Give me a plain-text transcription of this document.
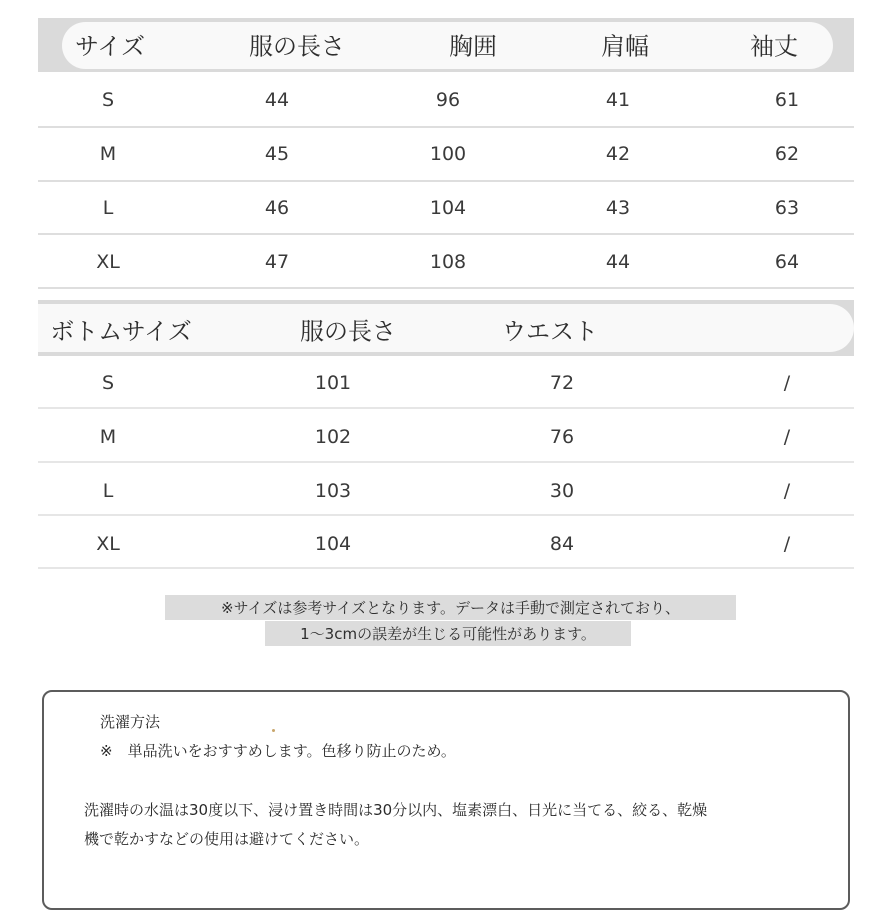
サイズ	服の長さ	胸囲	肩幅	袖丈
S	44	96	41	61
M	45	100	42	62
L	46	104	43	63
XL	47	108	44	64
ボトムサイズ	服の長さ	ウエスト
S	101	72	/
M	102	76	/
L	103	30	/
XL	104	84	/
※サイズは参考サイズとなります。データは手動で測定されており、
1〜3cmの誤差が生じる可能性があります。
洗濯方法
※　単品洗いをおすすめします。色移り防止のため。
洗濯時の水温は30度以下、浸け置き時間は30分以内、塩素漂白、日光に当てる、絞る、乾燥
機で乾かすなどの使用は避けてください。
